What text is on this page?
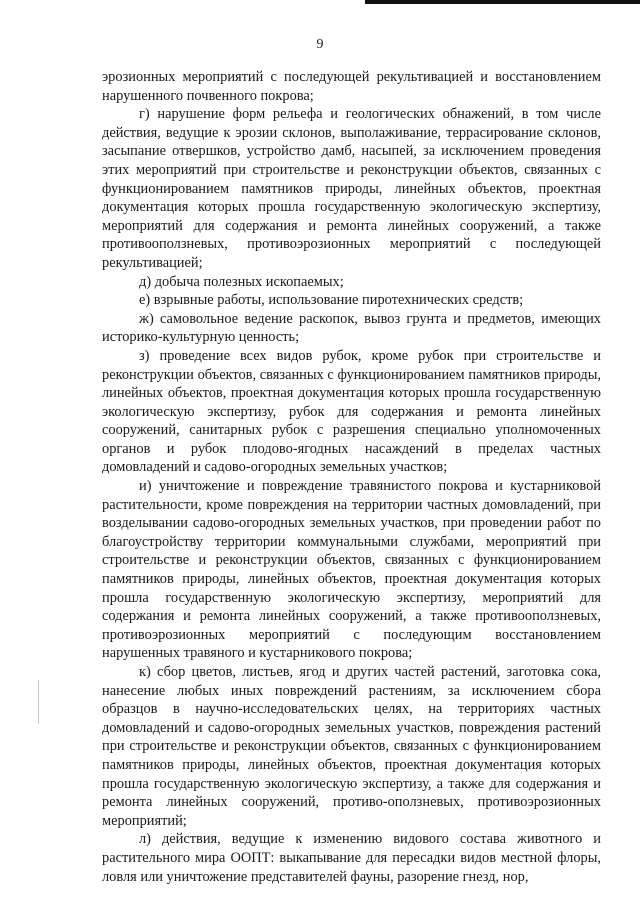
9

эрозионных мероприятий с последующей рекультивацией и восстановлением нарушенного почвенного покрова;

г) нарушение форм рельефа и геологических обнажений, в том числе действия, ведущие к эрозии склонов, выполаживание, террасирование склонов, засыпание отвершков, устройство дамб, насыпей, за исключением проведения этих мероприятий при строительстве и реконструкции объектов, связанных с функционированием памятников природы, линейных объектов, проектная документация которых прошла государственную экологическую экспертизу, мероприятий для содержания и ремонта линейных сооружений, а также противооползневых, противоэрозионных мероприятий с последующей рекультивацией;

д) добыча полезных ископаемых;

е) взрывные работы, использование пиротехнических средств;

ж) самовольное ведение раскопок, вывоз грунта и предметов, имеющих историко-культурную ценность;

з) проведение всех видов рубок, кроме рубок при строительстве и реконструкции объектов, связанных с функционированием памятников природы, линейных объектов, проектная документация которых прошла государственную экологическую экспертизу, рубок для содержания и ремонта линейных сооружений, санитарных рубок с разрешения специально уполномоченных органов и рубок плодово-ягодных насаждений в пределах частных домовладений и садово-огородных земельных участков;

и) уничтожение и повреждение травянистого покрова и кустарниковой растительности, кроме повреждения на территории частных домовладений, при возделывании садово-огородных земельных участков, при проведении работ по благоустройству территории коммунальными службами, мероприятий при строительстве и реконструкции объектов, связанных с функционированием памятников природы, линейных объектов, проектная документация которых прошла государственную экологическую экспертизу, мероприятий для содержания и ремонта линейных сооружений, а также противооползневых, противоэрозионных мероприятий с последующим восстановлением нарушенных травяного и кустарникового покрова;

к) сбор цветов, листьев, ягод и других частей растений, заготовка сока, нанесение любых иных повреждений растениям, за исключением сбора образцов в научно-исследовательских целях, на территориях частных домовладений и садово-огородных земельных участков, повреждения растений при строительстве и реконструкции объектов, связанных с функционированием памятников природы, линейных объектов, проектная документация которых прошла государственную экологическую экспертизу, а также для содержания и ремонта линейных сооружений, противо-оползневых, противоэрозионных мероприятий;

л) действия, ведущие к изменению видового состава животного и растительного мира ООПТ: выкапывание для пересадки видов местной флоры, ловля или уничтожение представителей фауны, разорение гнезд, нор,
